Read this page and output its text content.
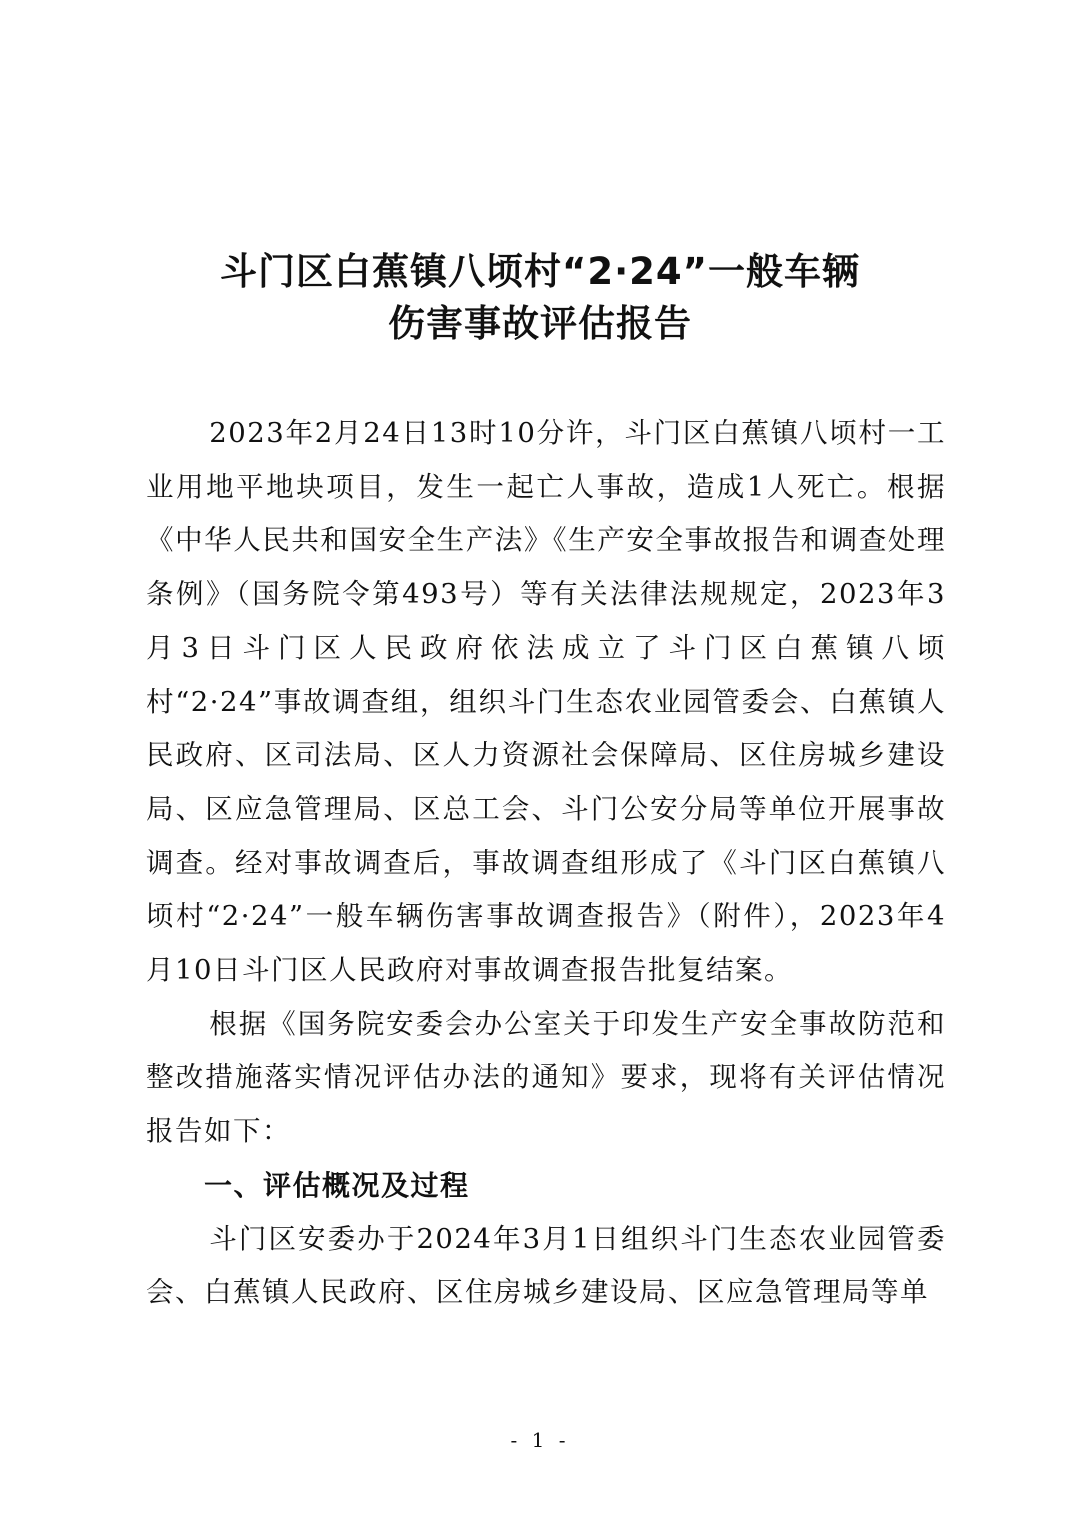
斗门区白蕉镇八顷村“2·24”一般车辆
伤害事故评估报告

2023年2月24日13时10分许，斗门区白蕉镇八顷村一工业用地平地块项目，发生一起亡人事故，造成1人死亡。根据《中华人民共和国安全生产法》《生产安全事故报告和调查处理条例》（国务院令第493号）等有关法律法规规定，2023年3月3日斗门区人民政府依法成立了斗门区白蕉镇八顷村“2·24”事故调查组，组织斗门生态农业园管委会、白蕉镇人民政府、区司法局、区人力资源社会保障局、区住房城乡建设局、区应急管理局、区总工会、斗门公安分局等单位开展事故调查。经对事故调查后，事故调查组形成了《斗门区白蕉镇八顷村“2·24”一般车辆伤害事故调查报告》（附件），2023年4月10日斗门区人民政府对事故调查报告批复结案。

根据《国务院安委会办公室关于印发生产安全事故防范和整改措施落实情况评估办法的通知》要求，现将有关评估情况报告如下：

一、评估概况及过程

斗门区安委办于2024年3月1日组织斗门生态农业园管委会、白蕉镇人民政府、区住房城乡建设局、区应急管理局等单

- 1 -
